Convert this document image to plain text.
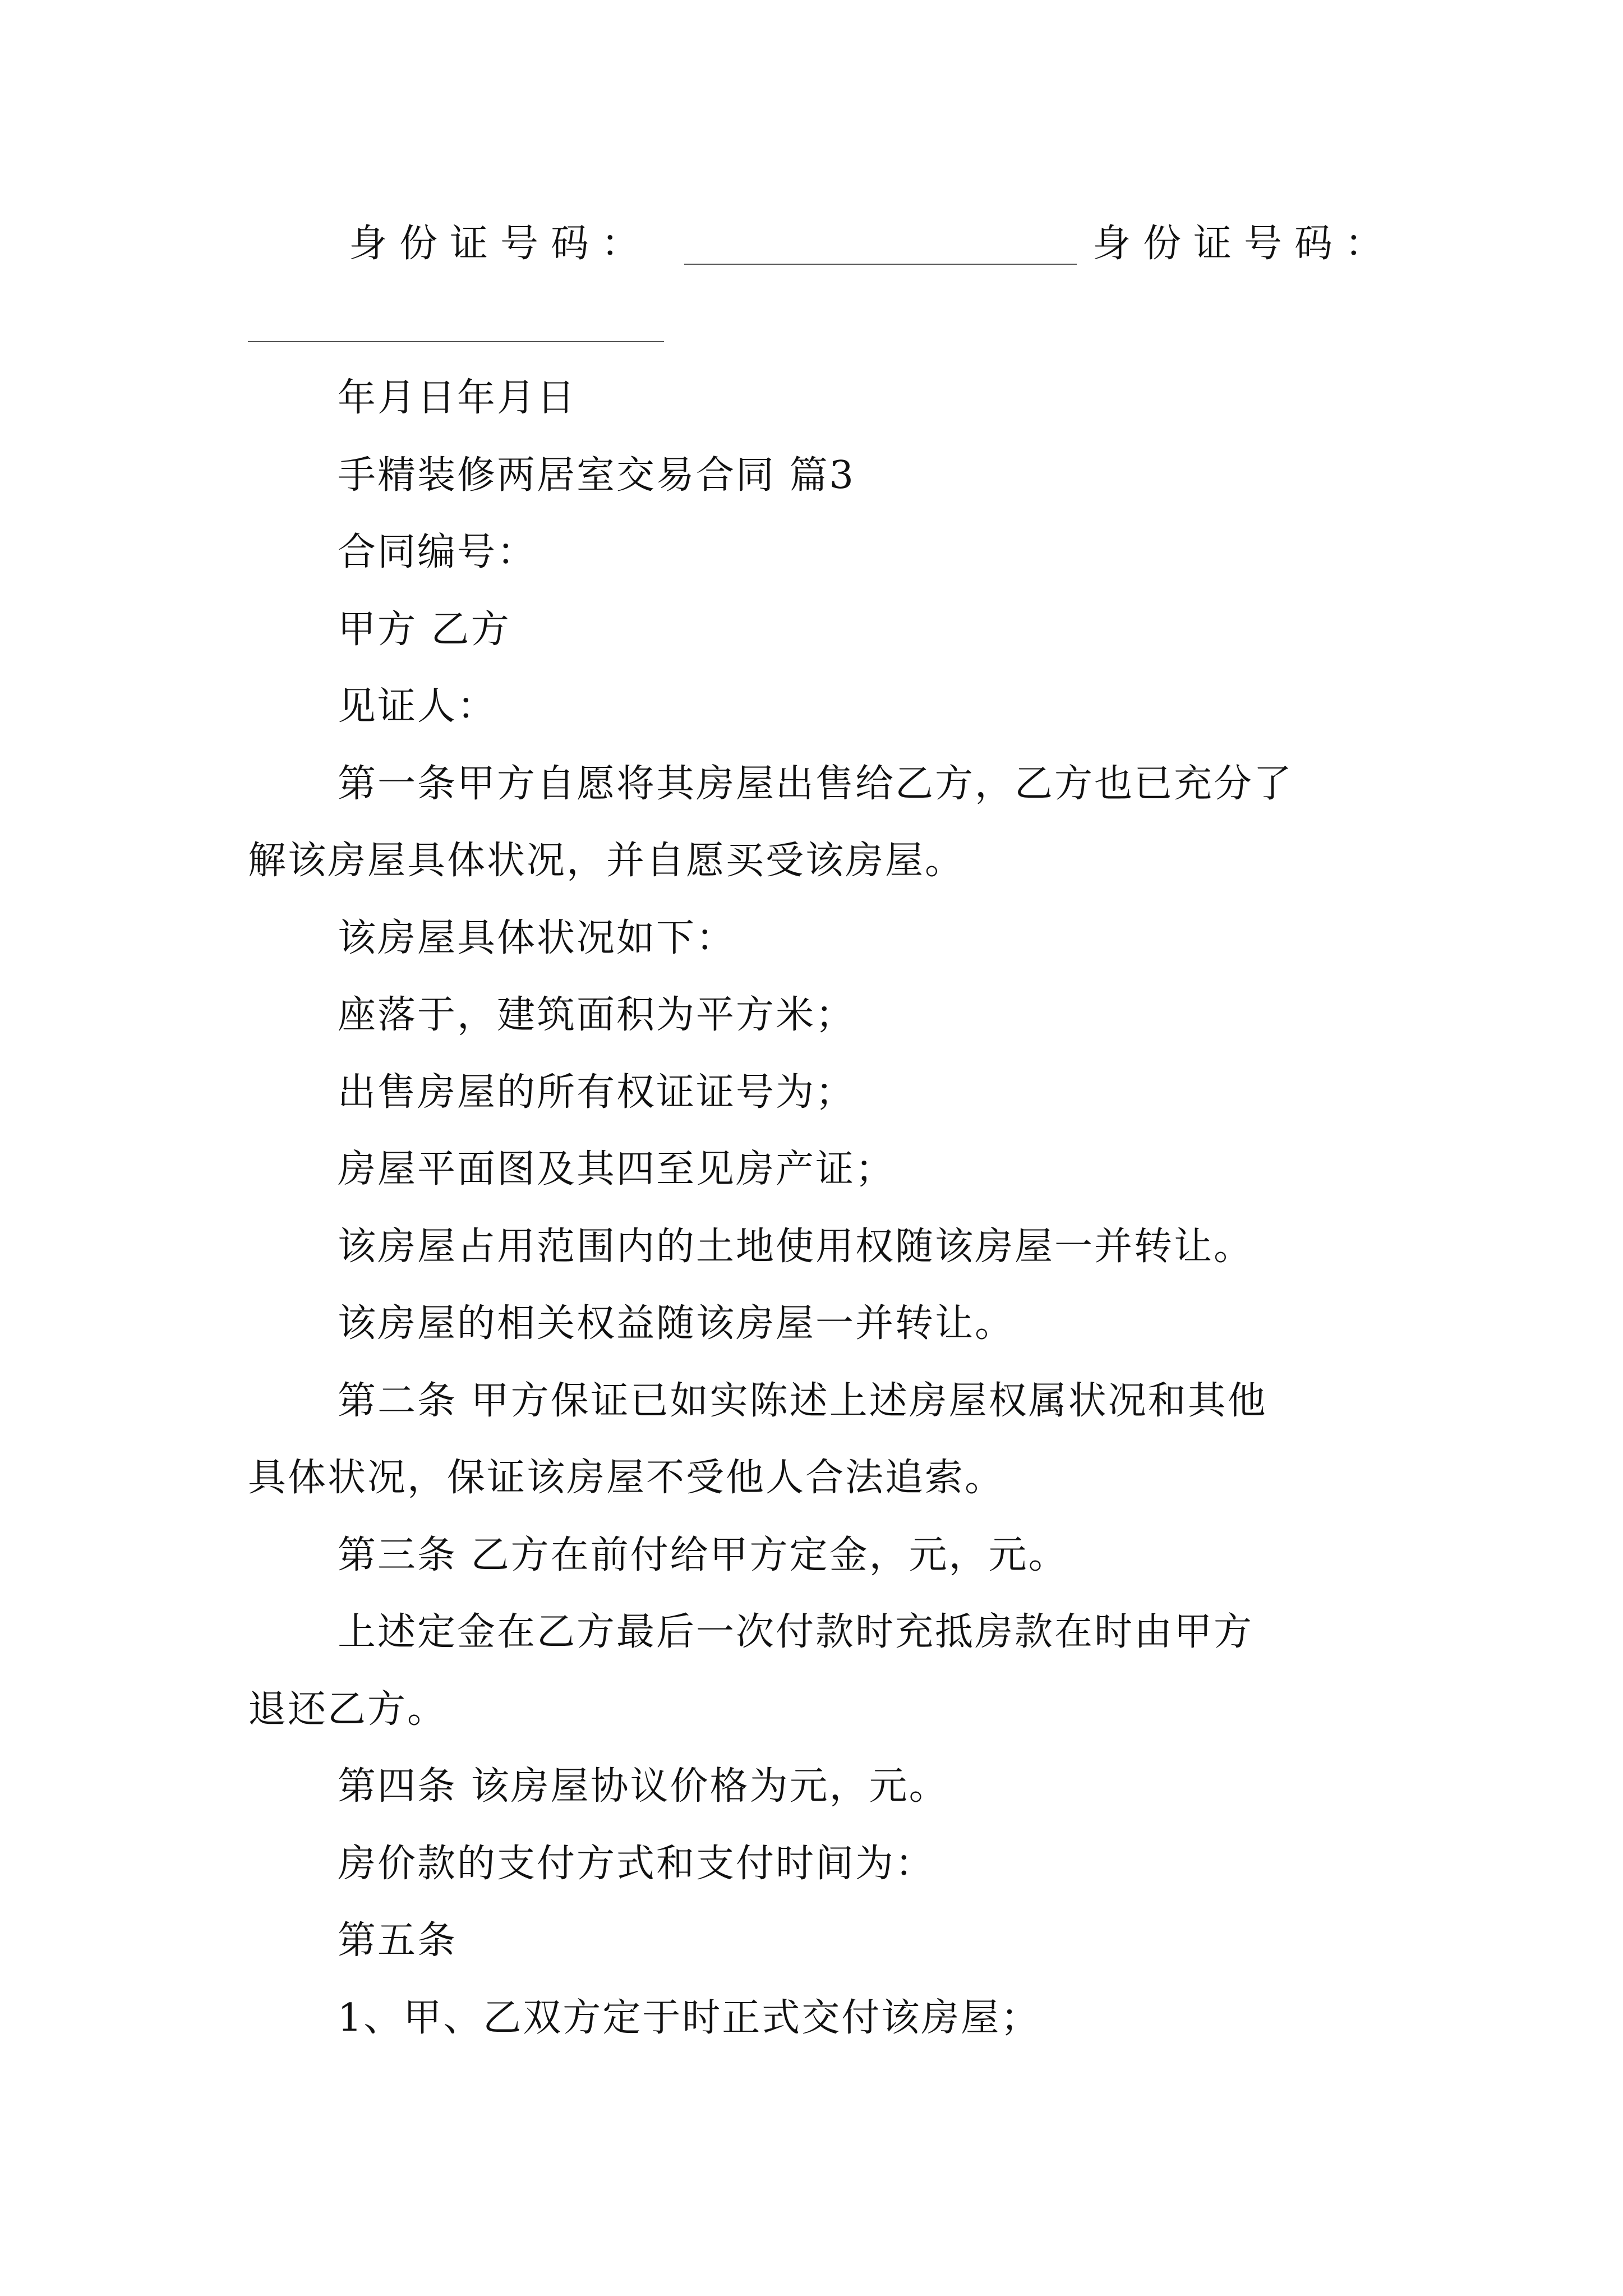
身份证号码：	身份证号码：
年月日年月日
手精装修两居室交易合同 篇3
合同编号：
甲方 乙方
见证人：
第一条甲方自愿将其房屋出售给乙方，乙方也已充分了
解该房屋具体状况，并自愿买受该房屋。
该房屋具体状况如下：
座落于，建筑面积为平方米；
出售房屋的所有权证证号为；
房屋平面图及其四至见房产证；
该房屋占用范围内的土地使用权随该房屋一并转让。
该房屋的相关权益随该房屋一并转让。
第二条 甲方保证已如实陈述上述房屋权属状况和其他
具体状况，保证该房屋不受他人合法追索。
第三条 乙方在前付给甲方定金，元，元。
上述定金在乙方最后一次付款时充抵房款在时由甲方
退还乙方。
第四条 该房屋协议价格为元，元。
房价款的支付方式和支付时间为：
第五条
1、甲、乙双方定于时正式交付该房屋；
